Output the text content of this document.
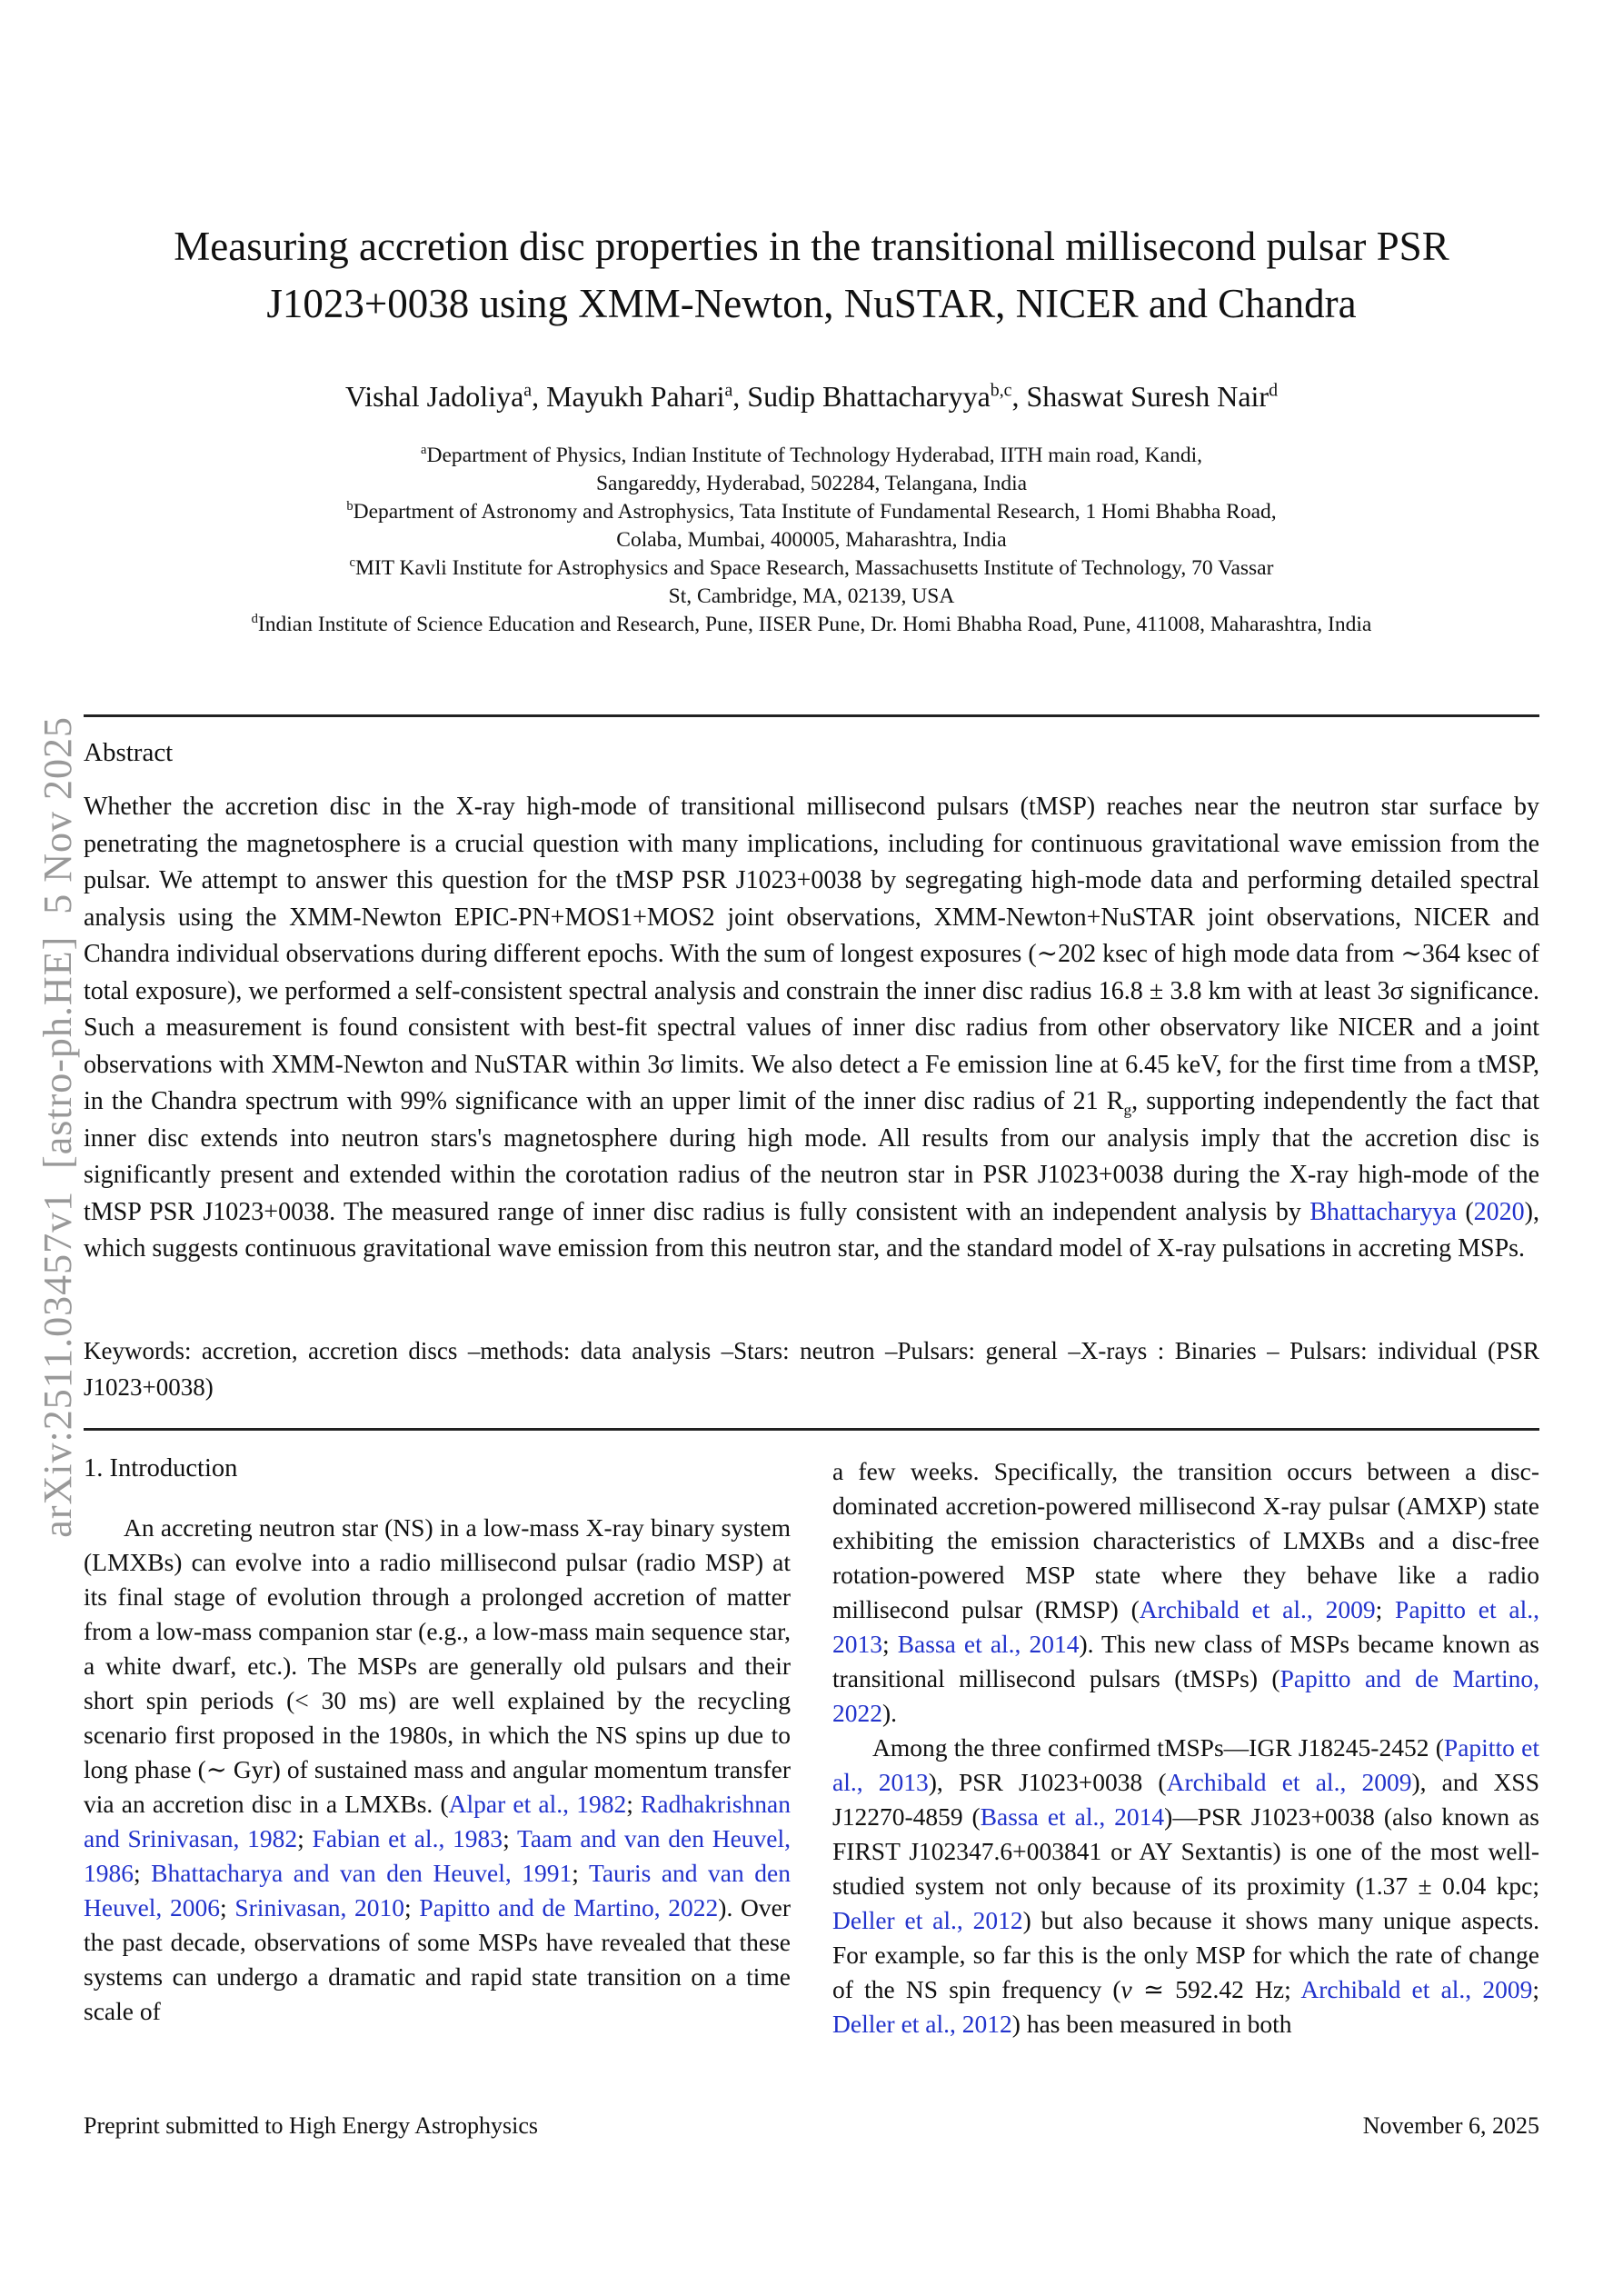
arXiv:2511.03457v1  [astro-ph.HE]  5 Nov 2025
Measuring accretion disc properties in the transitional millisecond pulsar PSR J1023+0038 using XMM-Newton, NuSTAR, NICER and Chandra
Vishal Jadoliya$^a$, Mayukh Pahari$^a$, Sudip Bhattacharyya$^{b,c}$, Shaswat Suresh Nair$^d$
$^a$Department of Physics, Indian Institute of Technology Hyderabad, IITH main road, Kandi,
Sangareddy, Hyderabad, 502284, Telangana, India
$^b$Department of Astronomy and Astrophysics, Tata Institute of Fundamental Research, 1 Homi Bhabha Road,
Colaba, Mumbai, 400005, Maharashtra, India
$^c$MIT Kavli Institute for Astrophysics and Space Research, Massachusetts Institute of Technology, 70 Vassar
St, Cambridge, MA, 02139, USA
$^d$Indian Institute of Science Education and Research, Pune, IISER Pune, Dr. Homi Bhabha Road, Pune, 411008, Maharashtra, India
Abstract
Whether the accretion disc in the X-ray high-mode of transitional millisecond pulsars (tMSP) reaches near the neutron star surface by penetrating the magnetosphere is a crucial question with many implications, including for continuous gravitational wave emission from the pulsar. We attempt to answer this question for the tMSP PSR J1023+0038 by segregating high-mode data and performing detailed spectral analysis using the XMM-Newton EPIC-PN+MOS1+MOS2 joint observations, XMM-Newton+NuSTAR joint observations, NICER and Chandra individual observations during different epochs. With the sum of longest exposures (∼202 ksec of high mode data from ∼364 ksec of total exposure), we performed a self-consistent spectral analysis and constrain the inner disc radius 16.8 ± 3.8 km with at least 3σ significance. Such a measurement is found consistent with best-fit spectral values of inner disc radius from other observatory like NICER and a joint observations with XMM-Newton and NuSTAR within 3σ limits. We also detect a Fe emission line at 6.45 keV, for the first time from a tMSP, in the Chandra spectrum with 99% significance with an upper limit of the inner disc radius of 21 $R_g$, supporting independently the fact that inner disc extends into neutron stars's magnetosphere during high mode. All results from our analysis imply that the accretion disc is significantly present and extended within the corotation radius of the neutron star in PSR J1023+0038 during the X-ray high-mode of the tMSP PSR J1023+0038. The measured range of inner disc radius is fully consistent with an independent analysis by Bhattacharyya (2020), which suggests continuous gravitational wave emission from this neutron star, and the standard model of X-ray pulsations in accreting MSPs.
Keywords: accretion, accretion discs –methods: data analysis –Stars: neutron –Pulsars: general –X-rays : Binaries – Pulsars: individual (PSR J1023+0038)
1. Introduction

An accreting neutron star (NS) in a low-mass X-ray binary system (LMXBs) can evolve into a radio millisecond pulsar (radio MSP) at its final stage of evolution through a prolonged accretion of matter from a low-mass companion star (e.g., a low-mass main sequence star, a white dwarf, etc.). The MSPs are generally old pulsars and their short spin periods (< 30 ms) are well explained by the recycling scenario first proposed in the 1980s, in which the NS spins up due to long phase (∼ Gyr) of sustained mass and angular momentum transfer via an accretion disc in a LMXBs. (Alpar et al., 1982; Radhakrishnan and Srinivasan, 1982; Fabian et al., 1983; Taam and van den Heuvel, 1986; Bhattacharya and van den Heuvel, 1991; Tauris and van den Heuvel, 2006; Srinivasan, 2010; Papitto and de Martino, 2022). Over the past decade, observations of some MSPs have revealed that these systems can undergo a dramatic and rapid state transition on a time scale of

a few weeks. Specifically, the transition occurs between a disc-dominated accretion-powered millisecond X-ray pulsar (AMXP) state exhibiting the emission characteristics of LMXBs and a disc-free rotation-powered MSP state where they behave like a radio millisecond pulsar (RMSP) (Archibald et al., 2009; Papitto et al., 2013; Bassa et al., 2014). This new class of MSPs became known as transitional millisecond pulsars (tMSPs) (Papitto and de Martino, 2022).

Among the three confirmed tMSPs—IGR J18245-2452 (Papitto et al., 2013), PSR J1023+0038 (Archibald et al., 2009), and XSS J12270-4859 (Bassa et al., 2014)—PSR J1023+0038 (also known as FIRST J102347.6+003841 or AY Sextantis) is one of the most well-studied system not only because of its proximity (1.37 ± 0.04 kpc; Deller et al., 2012) but also because it shows many unique aspects. For example, so far this is the only MSP for which the rate of change of the NS spin frequency (ν ≃ 592.42 Hz; Archibald et al., 2009; Deller et al., 2012) has been measured in both

Preprint submitted to High Energy Astrophysics	November 6, 2025
